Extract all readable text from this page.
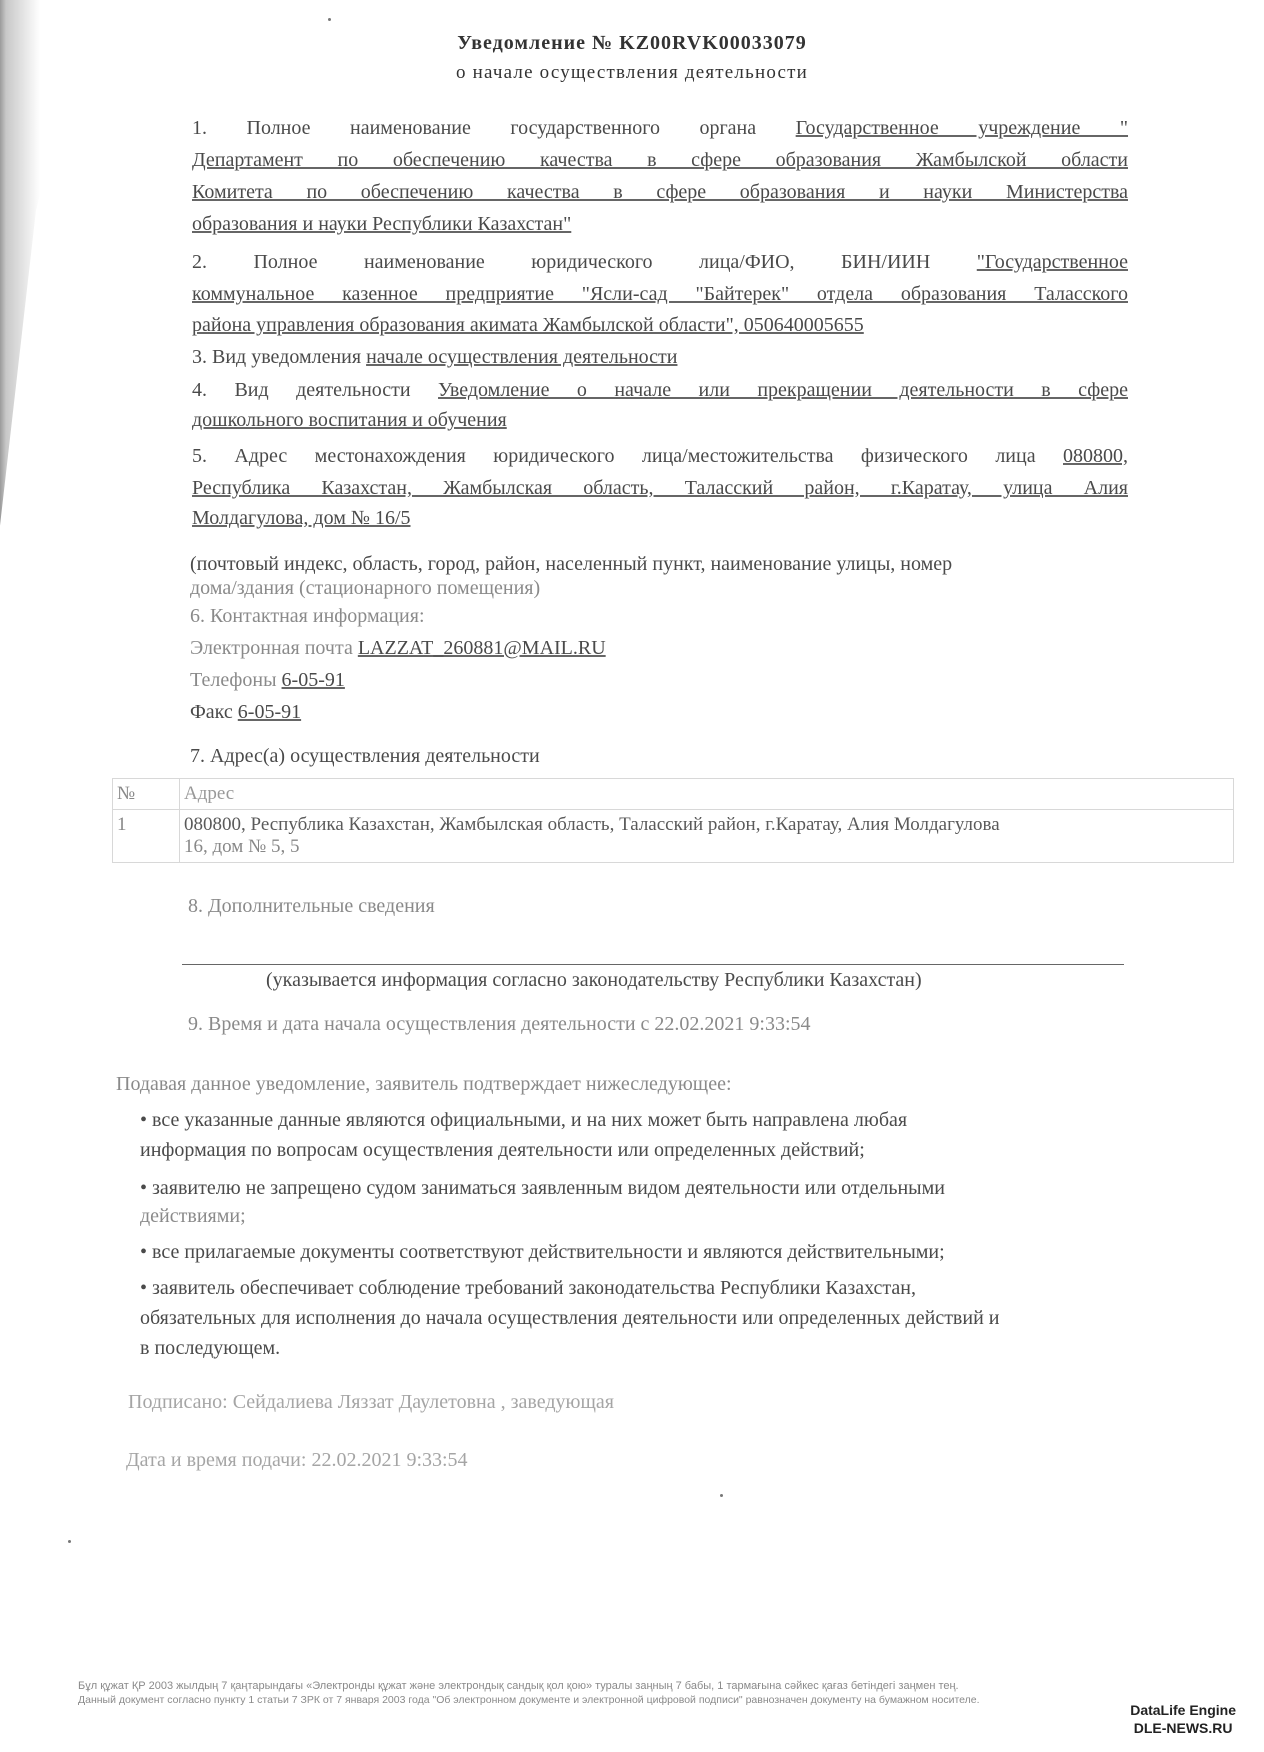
Уведомление № KZ00RVK00033079
о начале осуществления деятельности
1. Полное наименование государственного органа Государственное учреждение "
Департамент по обеспечению качества в сфере образования Жамбылской области
Комитета по обеспечению качества в сфере образования и науки Министерства
образования и науки Республики Казахстан"
2. Полное наименование юридического лица/ФИО, БИН/ИИН "Государственное
коммунальное казенное предприятие "Ясли-сад "Байтерек" отдела образования Таласского
района управления образования акимата Жамбылской области", 050640005655
3. Вид уведомления начале осуществления деятельности
4. Вид деятельности Уведомление о начале или прекращении деятельности в сфере
дошкольного воспитания и обучения
5. Адрес местонахождения юридического лица/местожительства физического лица 080800,
Республика Казахстан, Жамбылская область, Таласский район, г.Каратау, улица Алия
Молдагулова, дом № 16/5
(почтовый индекс, область, город, район, населенный пункт, наименование улицы, номер
дома/здания (стационарного помещения)
6. Контактная информация:
Электронная почта LAZZAT_260881@MAIL.RU
Телефоны 6-05-91
Факс 6-05-91
7. Адрес(а) осуществления деятельности
№	Адрес
1	080800, Республика Казахстан, Жамбылская область, Таласский район, г.Каратау, Алия Молдагулова
16, дом № 5, 5
8. Дополнительные сведения
(указывается информация согласно законодательству Республики Казахстан)
9. Время и дата начала осуществления деятельности с 22.02.2021 9:33:54
Подавая данное уведомление, заявитель подтверждает нижеследующее:
• все указанные данные являются официальными, и на них может быть направлена любая
информация по вопросам осуществления деятельности или определенных действий;
• заявителю не запрещено судом заниматься заявленным видом деятельности или отдельными
действиями;
• все прилагаемые документы соответствуют действительности и являются действительными;
• заявитель обеспечивает соблюдение требований законодательства Республики Казахстан,
обязательных для исполнения до начала осуществления деятельности или определенных действий и
в последующем.
Подписано: Сейдалиева Ляззат Даулетовна , заведующая
Дата и время подачи: 22.02.2021 9:33:54
Бұл құжат ҚР 2003 жылдың 7 қаңтарындағы «Электронды құжат және электрондық сандық қол қою» туралы заңның 7 бабы, 1 тармағына сәйкес қағаз бетіндегі заңмен тең.
Данный документ согласно пункту 1 статьи 7 ЗРК от 7 января 2003 года "Об электронном документе и электронной цифровой подписи" равнозначен документу на бумажном носителе.
DataLife Engine
DLE-NEWS.RU
